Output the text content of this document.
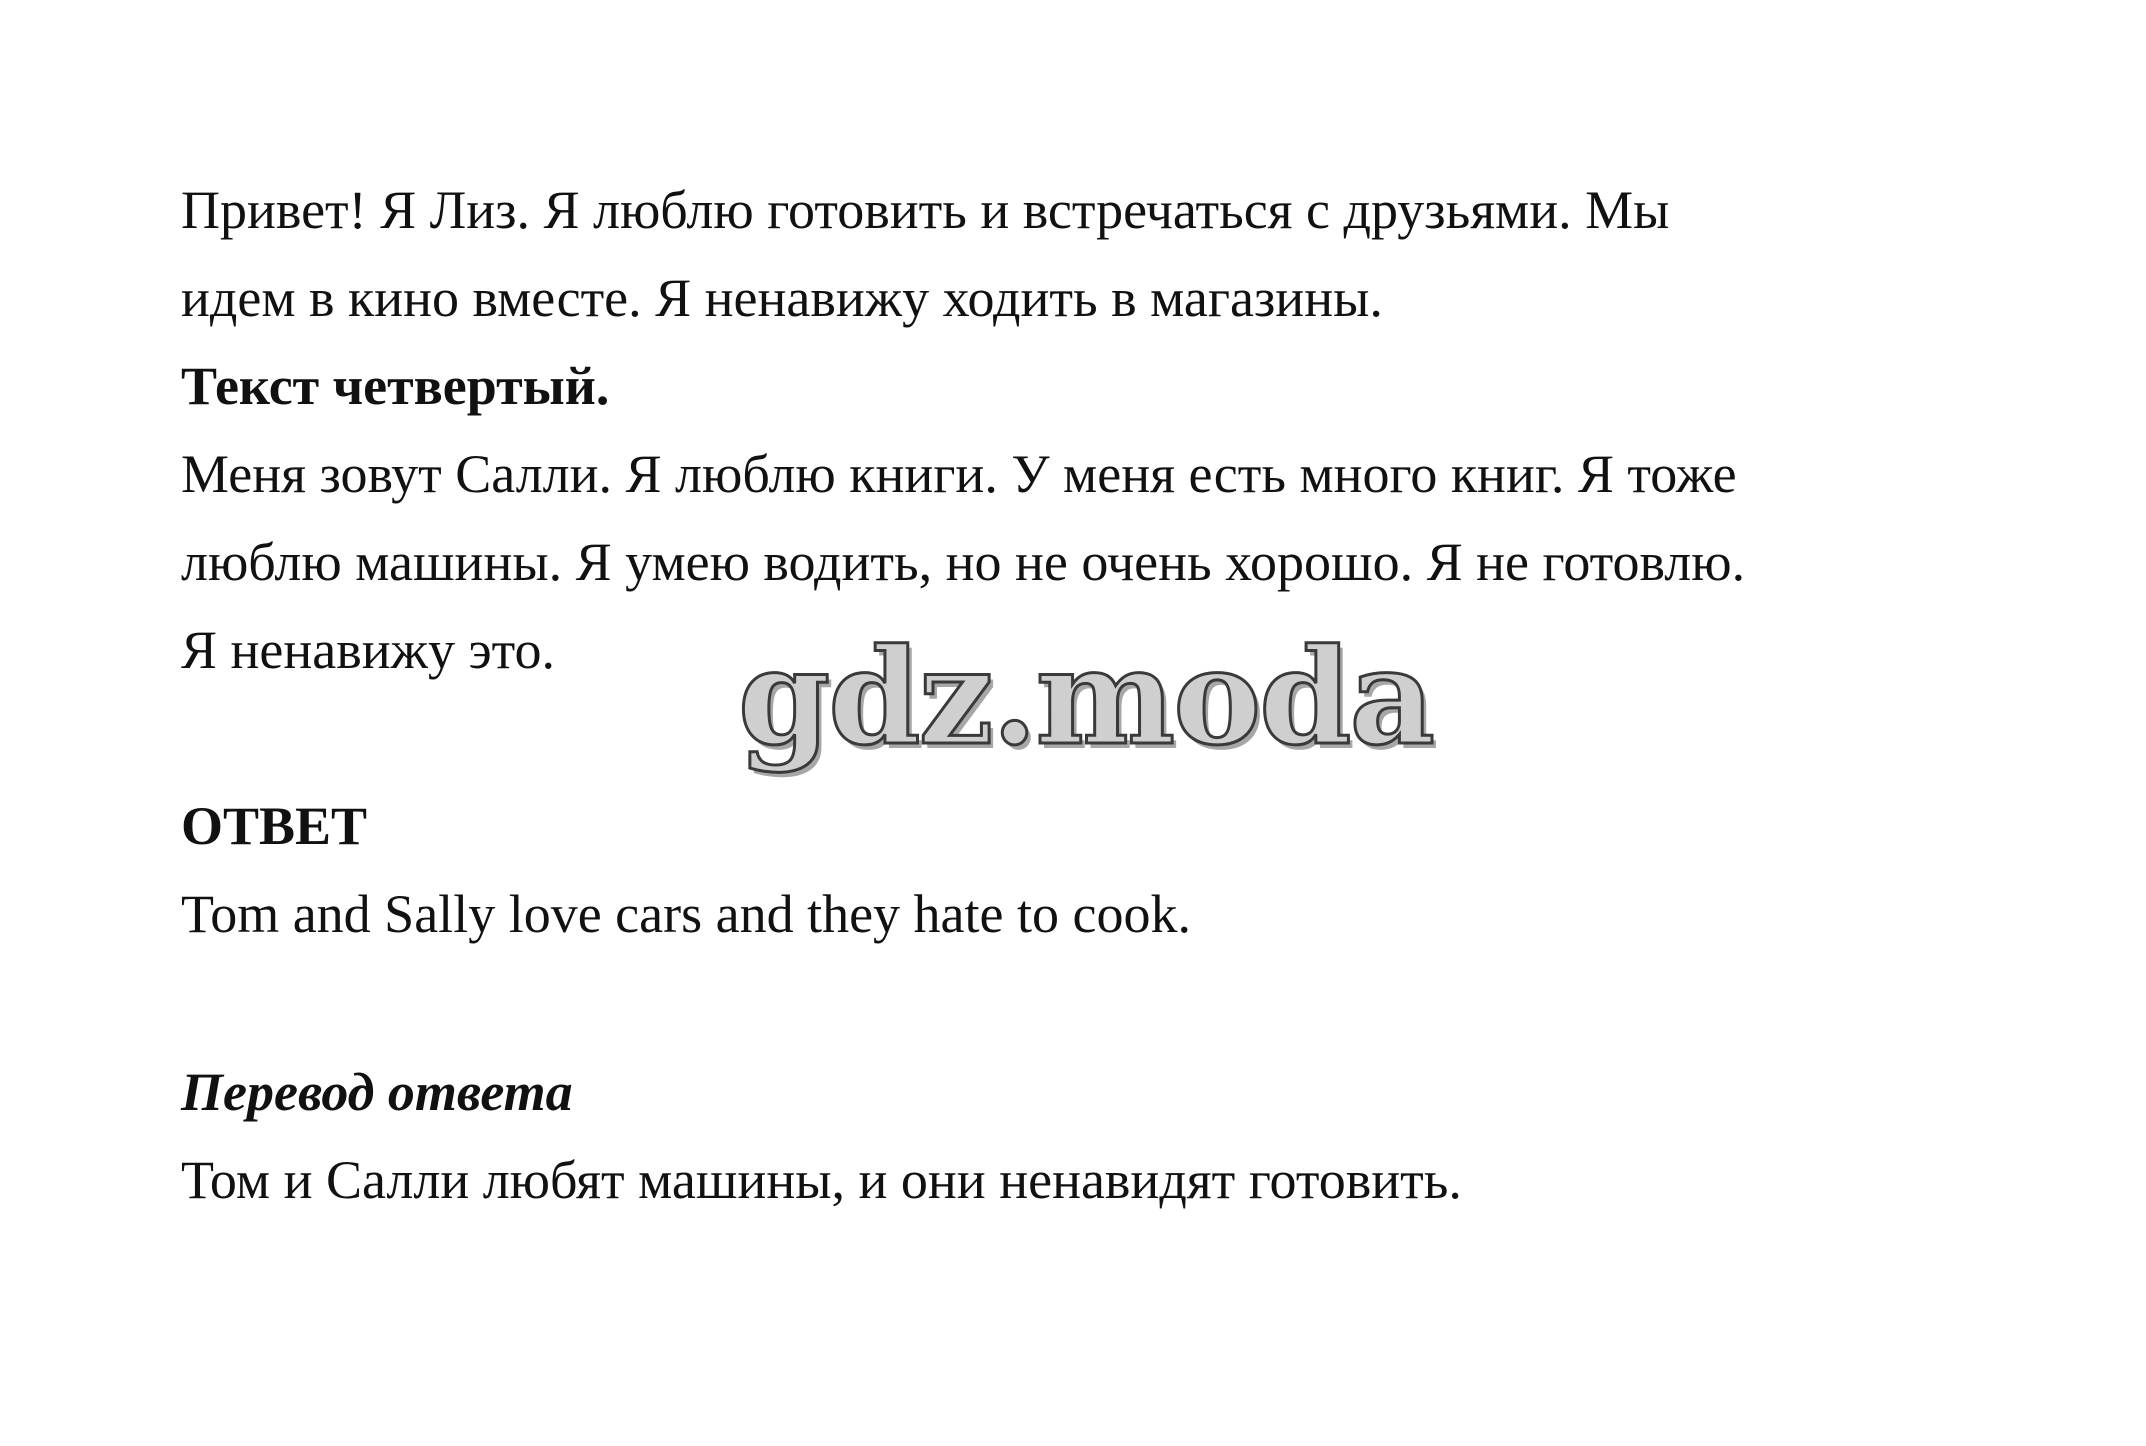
Привет! Я Лиз. Я люблю готовить и встречаться с друзьями. Мы
идем в кино вместе. Я ненавижу ходить в магазины.
Текст четвертый.
Меня зовут Салли. Я люблю книги. У меня есть много книг. Я тоже
люблю машины. Я умею водить, но не очень хорошо. Я не готовлю.
Я ненавижу это. gdz.moda
ОТВЕТ
Tom and Sally love cars and they hate to cook.
Перевод ответа
Том и Салли любят машины, и они ненавидят готовить.
